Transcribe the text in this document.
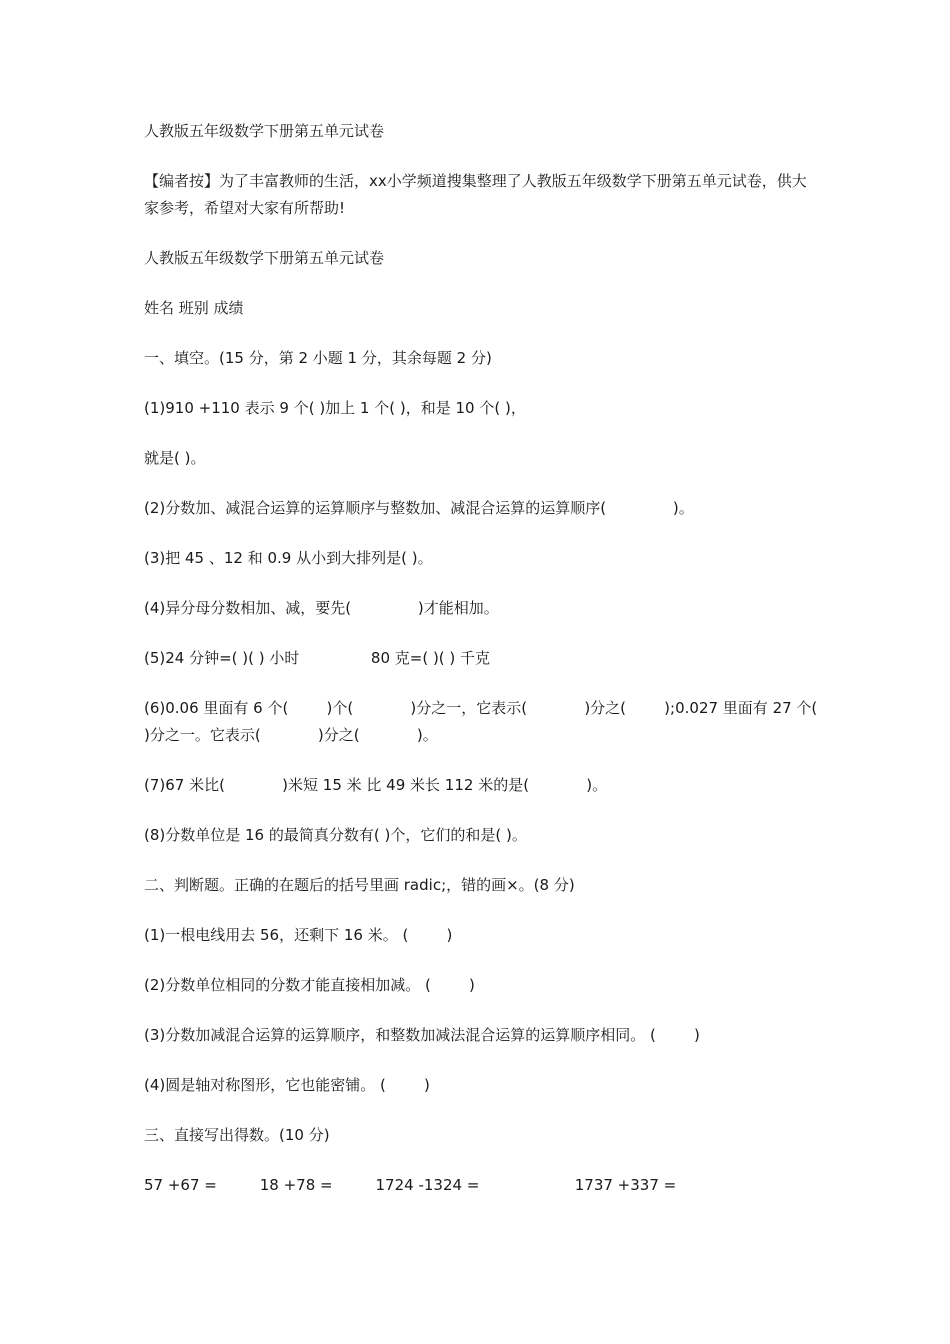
人教版五年级数学下册第五单元试卷

【编者按】为了丰富教师的生活，xx小学频道搜集整理了人教版五年级数学下册第五单元试卷，供大家参考，希望对大家有所帮助!

人教版五年级数学下册第五单元试卷

姓名 班别 成绩

一、填空。(15 分，第 2 小题 1 分，其余每题 2 分)

(1)910 +110 表示 9 个( )加上 1 个( )，和是 10 个( )，

就是( )。

(2)分数加、减混合运算的运算顺序与整数加、减混合运算的运算顺序(              )。

(3)把 45 、12 和 0.9 从小到大排列是( )。

(4)异分母分数相加、减，要先(              )才能相加。

(5)24 分钟=( )( ) 小时               80 克=( )( ) 千克

(6)0.06 里面有 6 个(        )个(            )分之一，它表示(            )分之(        );0.027 里面有 27 个(

)分之一。它表示(            )分之(            )。

(7)67 米比(            )米短 15 米 比 49 米长 112 米的是(            )。

(8)分数单位是 16 的最简真分数有( )个，它们的和是( )。

二、判断题。正确的在题后的括号里画 radic;，错的画×。(8 分)

(1)一根电线用去 56，还剩下 16 米。 (        )

(2)分数单位相同的分数才能直接相加减。 (        )

(3)分数加减混合运算的运算顺序，和整数加减法混合运算的运算顺序相同。 (        )

(4)圆是轴对称图形，它也能密铺。 (        )

三、直接写出得数。(10 分)

57 +67 =         18 +78 =         1724 -1324 =                    1737 +337 =
